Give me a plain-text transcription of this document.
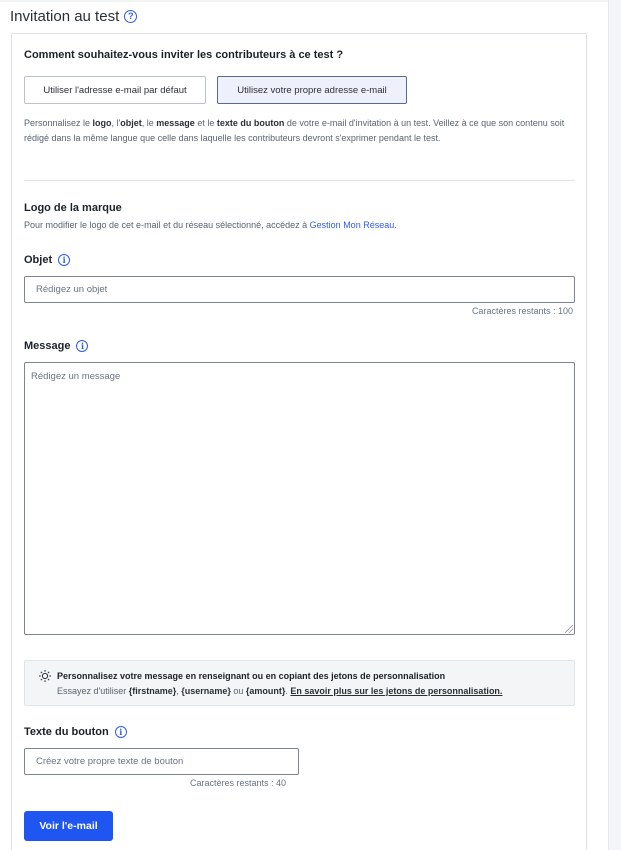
Invitation au test ?
Comment souhaitez-vous inviter les contributeurs à ce test ?
Utiliser l'adresse e-mail par défaut	Utilisez votre propre adresse e-mail
Personnalisez le logo, l'objet, le message et le texte du bouton de votre e-mail d'invitation à un test. Veillez à ce que son contenu soit rédigé dans la même langue que celle dans laquelle les contributeurs devront s'exprimer pendant le test.
Logo de la marque
Pour modifier le logo de cet e-mail et du réseau sélectionné, accédez à Gestion Mon Réseau.
Objet	i
Rédigez un objet
Caractères restants : 100
Message	i
Rédigez un message
Personnalisez votre message en renseignant ou en copiant des jetons de personnalisation
Essayez d'utiliser {firstname}, {username} ou {amount}. En savoir plus sur les jetons de personnalisation.
Texte du bouton	i
Créez votre propre texte de bouton
Caractères restants : 40
Voir l'e-mail
